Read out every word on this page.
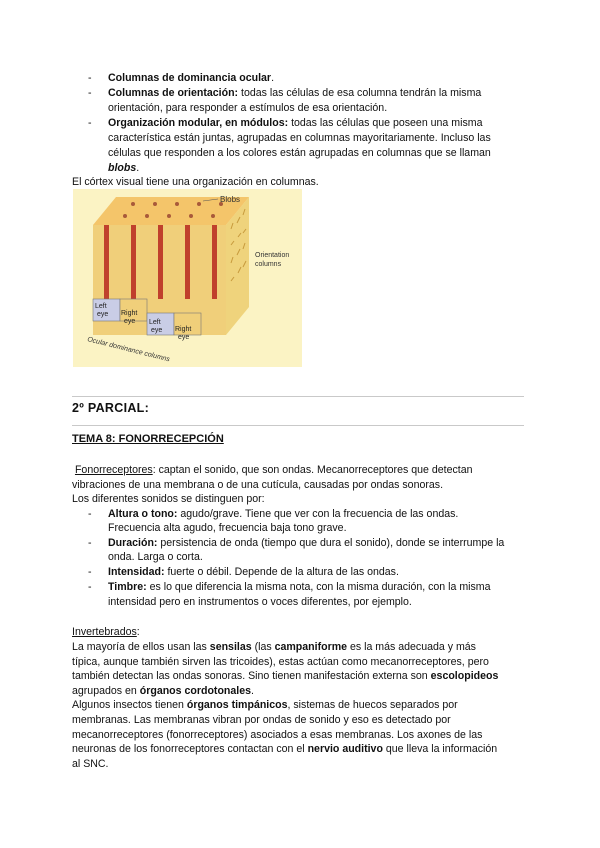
- Columnas de dominancia ocular.
- Columnas de orientación: todas las células de esa columna tendrán la misma
orientación, para responder a estímulos de esa orientación.
- Organización modular, en módulos: todas las células que poseen una misma
característica están juntas, agrupadas en columnas mayoritariamente. Incluso las
células que responden a los colores están agrupadas en columnas que se llaman
blobs.
El córtex visual tiene una organización en columnas.
Blobs
Orientation
columns
Left
eye Right
eye Left
eye Right
eye
Ocular dominance columns
2º PARCIAL:
TEMA 8: FONORRECEPCIÓN
Fonorreceptores: captan el sonido, que son ondas. Mecanorreceptores que detectan
vibraciones de una membrana o de una cutícula, causadas por ondas sonoras.
Los diferentes sonidos se distinguen por:
- Altura o tono: agudo/grave. Tiene que ver con la frecuencia de las ondas.
Frecuencia alta agudo, frecuencia baja tono grave.
- Duración: persistencia de onda (tiempo que dura el sonido), donde se interrumpe la
onda. Larga o corta.
- Intensidad: fuerte o débil. Depende de la altura de las ondas.
- Timbre: es lo que diferencia la misma nota, con la misma duración, con la misma
intensidad pero en instrumentos o voces diferentes, por ejemplo.
Invertebrados:
La mayoría de ellos usan las sensilas (las campaniforme es la más adecuada y más
típica, aunque también sirven las tricoides), estas actúan como mecanorreceptores, pero
también detectan las ondas sonoras. Sino tienen manifestación externa son escolopideos
agrupados en órganos cordotonales.
Algunos insectos tienen órganos timpánicos, sistemas de huecos separados por
membranas. Las membranas vibran por ondas de sonido y eso es detectado por
mecanorreceptores (fonorreceptores) asociados a esas membranas. Los axones de las
neuronas de los fonorreceptores contactan con el nervio auditivo que lleva la información
al SNC.
